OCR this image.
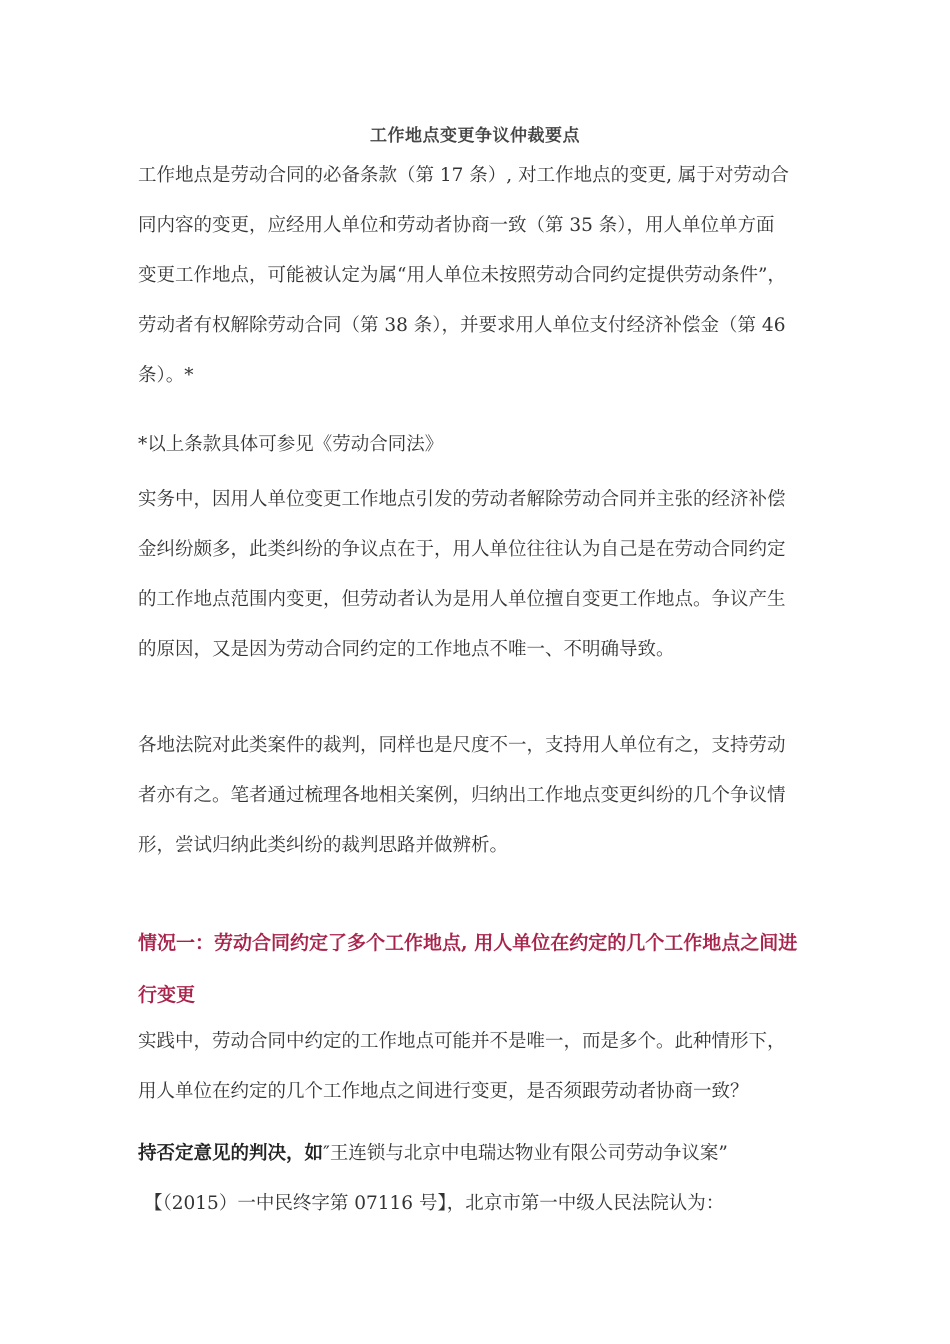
工作地点变更争议仲裁要点
工作地点是劳动合同的必备条款（第 17 条）, 对工作地点的变更, 属于对劳动合
同内容的变更，应经用人单位和劳动者协商一致（第 35 条），用人单位单方面
变更工作地点，可能被认定为属“用人单位未按照劳动合同约定提供劳动条件”，
劳动者有权解除劳动合同（第 38 条），并要求用人单位支付经济补偿金（第 46
条）。*
*以上条款具体可参见《劳动合同法》
实务中，因用人单位变更工作地点引发的劳动者解除劳动合同并主张的经济补偿
金纠纷颇多，此类纠纷的争议点在于，用人单位往往认为自己是在劳动合同约定
的工作地点范围内变更，但劳动者认为是用人单位擅自变更工作地点。争议产生
的原因，又是因为劳动合同约定的工作地点不唯一、不明确导致。
各地法院对此类案件的裁判，同样也是尺度不一，支持用人单位有之，支持劳动
者亦有之。笔者通过梳理各地相关案例，归纳出工作地点变更纠纷的几个争议情
形，尝试归纳此类纠纷的裁判思路并做辨析。
情况一：劳动合同约定了多个工作地点, 用人单位在约定的几个工作地点之间进
行变更
实践中，劳动合同中约定的工作地点可能并不是唯一，而是多个。此种情形下，
用人单位在约定的几个工作地点之间进行变更，是否须跟劳动者协商一致？
持否定意见的判决，如″王连锁与北京中电瑞达物业有限公司劳动争议案”
【（2015）一中民终字第 07116 号】，北京市第一中级人民法院认为：
